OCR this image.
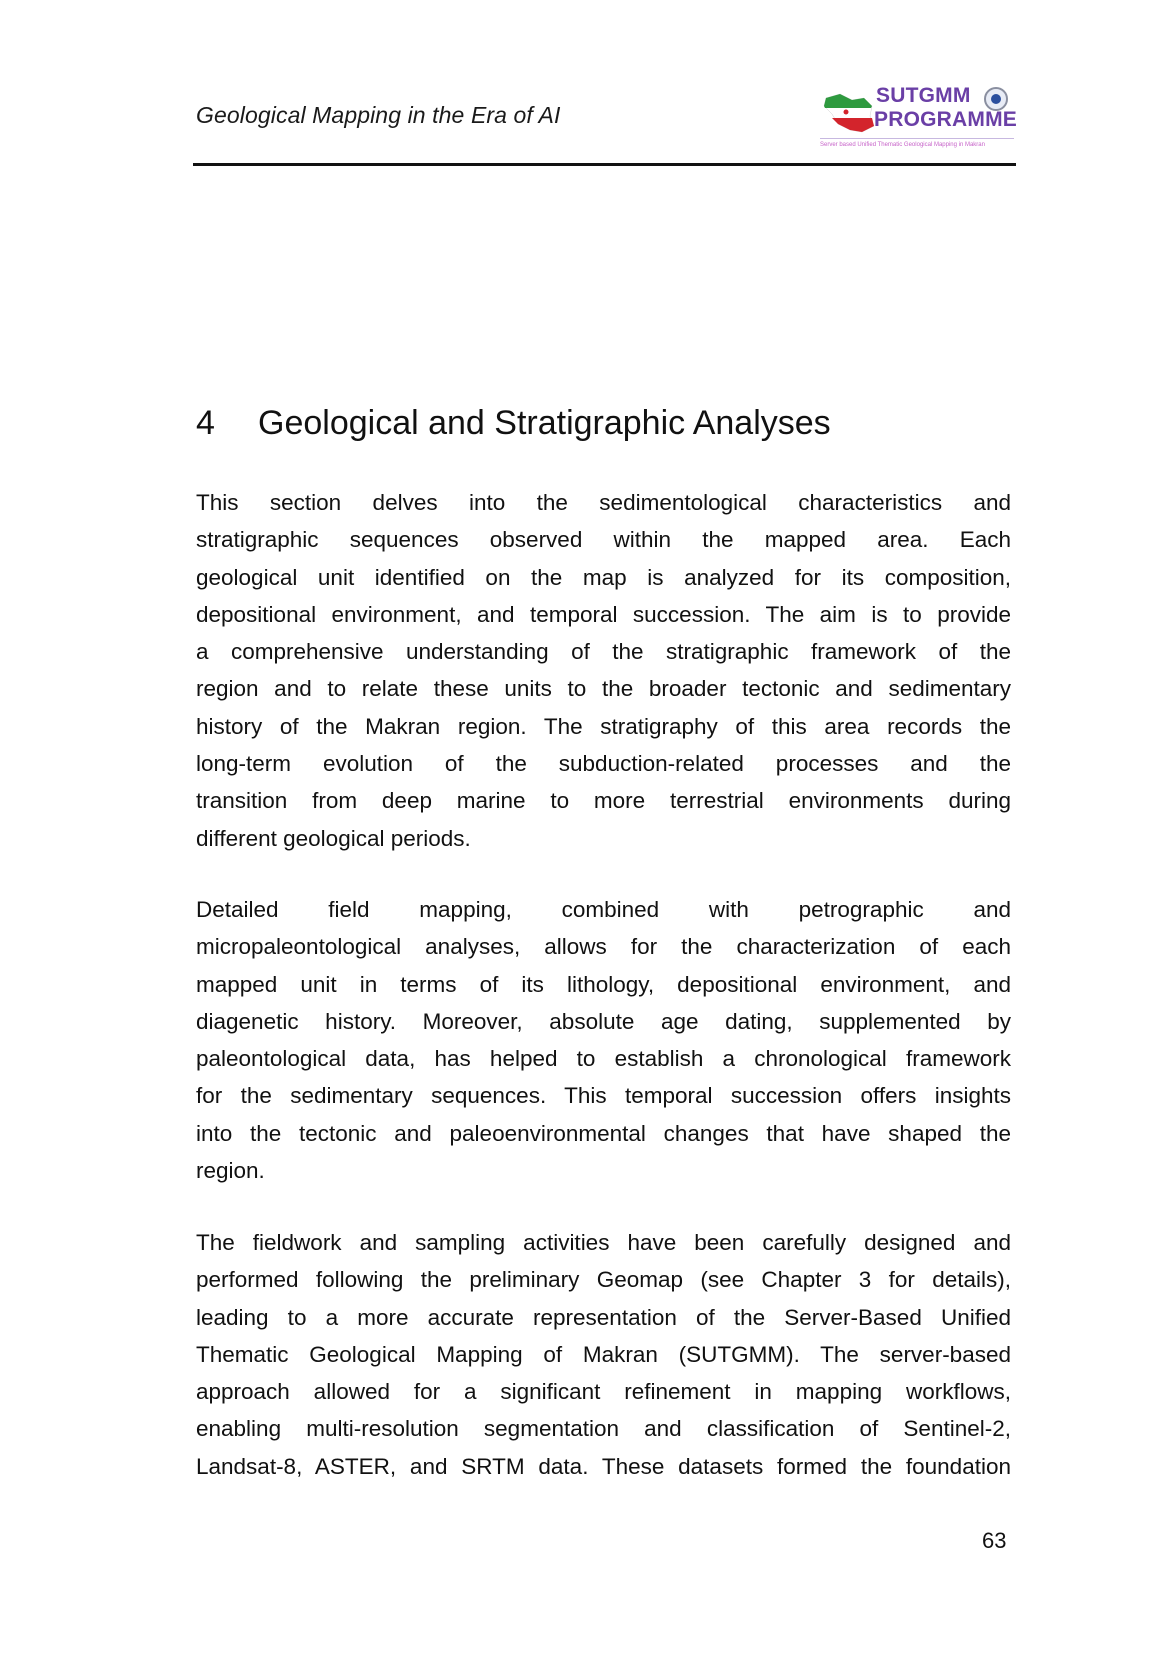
Geological Mapping in the Era of AI
SUTGMM
PROGRAMME
Server based Unified Thematic Geological Mapping in Makran
4 Geological and Stratigraphic Analyses
This section delves into the sedimentological characteristics and
stratigraphic sequences observed within the mapped area. Each
geological unit identified on the map is analyzed for its composition,
depositional environment, and temporal succession. The aim is to provide
a comprehensive understanding of the stratigraphic framework of the
region and to relate these units to the broader tectonic and sedimentary
history of the Makran region. The stratigraphy of this area records the
long-term evolution of the subduction-related processes and the
transition from deep marine to more terrestrial environments during
different geological periods.
Detailed field mapping, combined with petrographic and
micropaleontological analyses, allows for the characterization of each
mapped unit in terms of its lithology, depositional environment, and
diagenetic history. Moreover, absolute age dating, supplemented by
paleontological data, has helped to establish a chronological framework
for the sedimentary sequences. This temporal succession offers insights
into the tectonic and paleoenvironmental changes that have shaped the
region.
The fieldwork and sampling activities have been carefully designed and
performed following the preliminary Geomap (see Chapter 3 for details),
leading to a more accurate representation of the Server-Based Unified
Thematic Geological Mapping of Makran (SUTGMM). The server-based
approach allowed for a significant refinement in mapping workflows,
enabling multi-resolution segmentation and classification of Sentinel-2,
Landsat-8, ASTER, and SRTM data. These datasets formed the foundation
63
